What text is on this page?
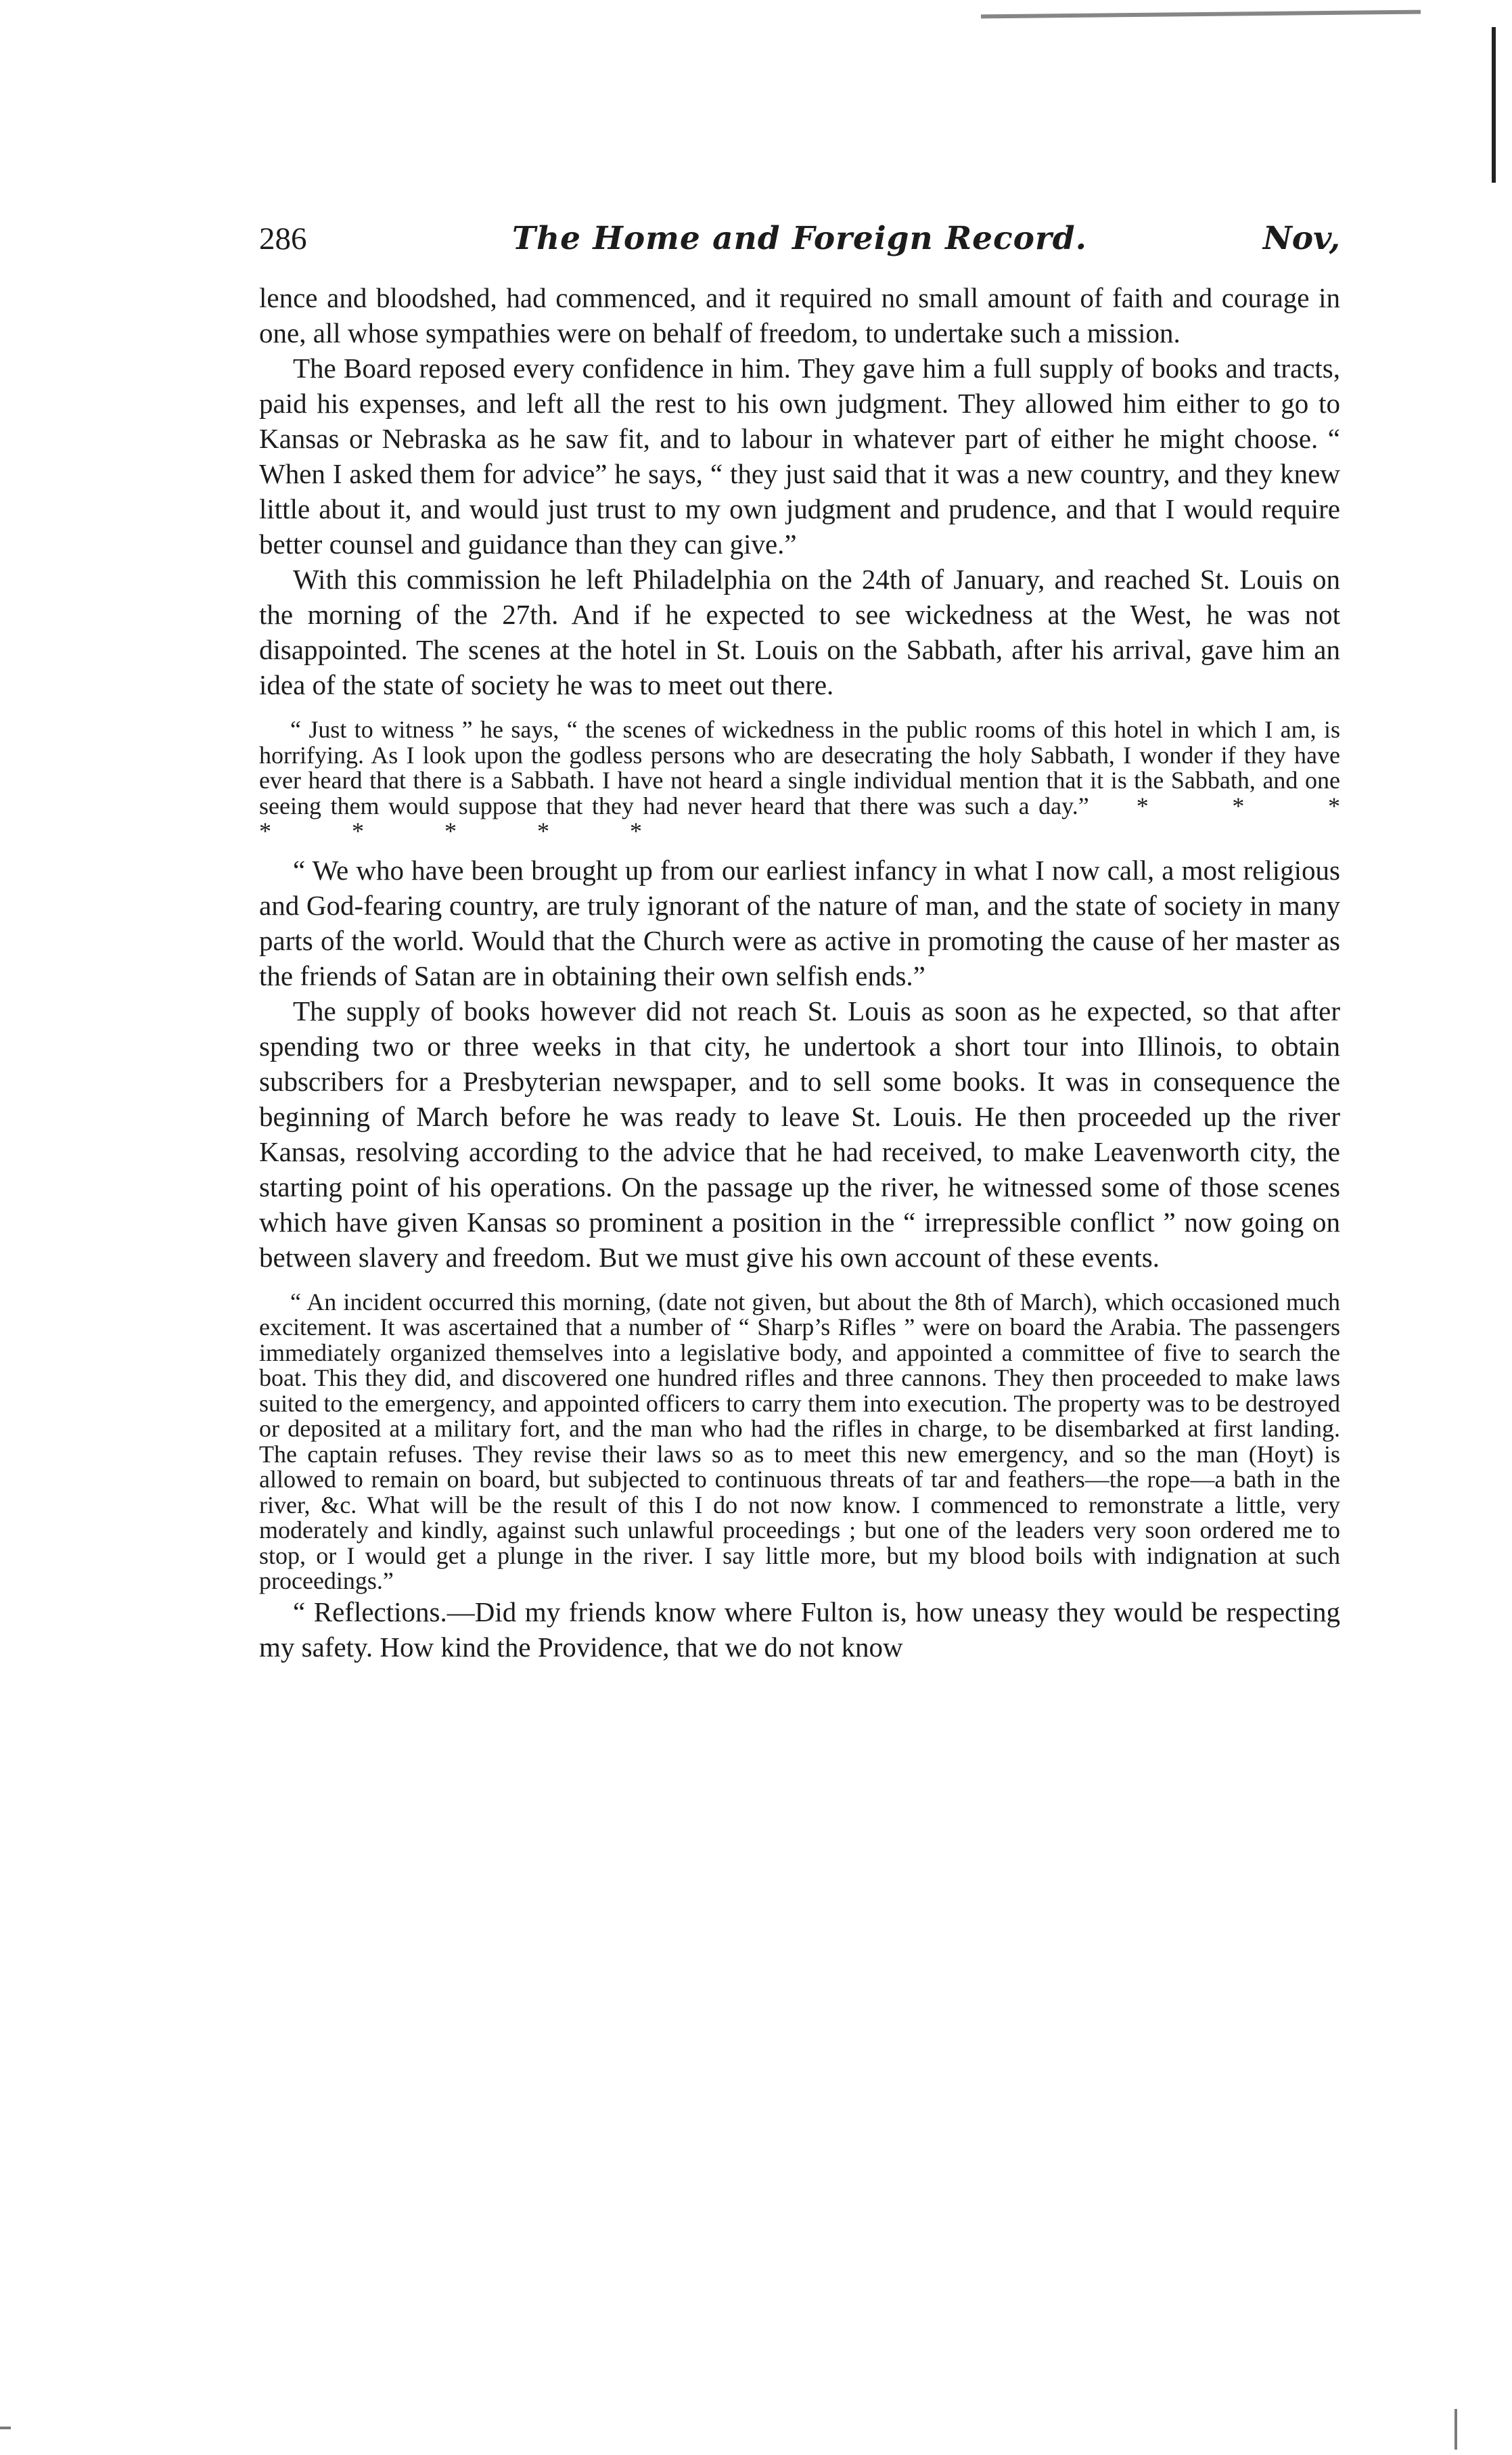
286	The Home and Foreign Record.	Nov,

lence and bloodshed, had commenced, and it required no small amount of faith and courage in one, all whose sympathies were on behalf of freedom, to undertake such a mission.

The Board reposed every confidence in him. They gave him a full supply of books and tracts, paid his expenses, and left all the rest to his own judgment. They allowed him either to go to Kansas or Nebraska as he saw fit, and to labour in whatever part of either he might choose. “ When I asked them for advice” he says, “ they just said that it was a new country, and they knew little about it, and would just trust to my own judgment and prudence, and that I would require better counsel and guidance than they can give.”

With this commission he left Philadelphia on the 24th of January, and reached St. Louis on the morning of the 27th. And if he expected to see wickedness at the West, he was not disappointed. The scenes at the hotel in St. Louis on the Sabbath, after his arrival, gave him an idea of the state of society he was to meet out there.

“ Just to witness ” he says, “ the scenes of wickedness in the public rooms of this hotel in which I am, is horrifying. As I look upon the godless persons who are desecrating the holy Sabbath, I wonder if they have ever heard that there is a Sabbath. I have not heard a single individual mention that it is the Sabbath, and one seeing them would suppose that they had never heard that there was such a day.” * * * * * * * *

“ We who have been brought up from our earliest infancy in what I now call, a most religious and God-fearing country, are truly ignorant of the nature of man, and the state of society in many parts of the world. Would that the Church were as active in promoting the cause of her master as the friends of Satan are in obtaining their own selfish ends.”

The supply of books however did not reach St. Louis as soon as he expected, so that after spending two or three weeks in that city, he undertook a short tour into Illinois, to obtain subscribers for a Presbyterian newspaper, and to sell some books. It was in consequence the beginning of March before he was ready to leave St. Louis. He then proceeded up the river Kansas, resolving according to the advice that he had received, to make Leavenworth city, the starting point of his operations. On the passage up the river, he witnessed some of those scenes which have given Kansas so prominent a position in the “ irrepressible conflict ” now going on between slavery and freedom. But we must give his own account of these events.

“ An incident occurred this morning, (date not given, but about the 8th of March), which occasioned much excitement. It was ascertained that a number of “ Sharp’s Rifles ” were on board the Arabia. The passengers immediately organized themselves into a legislative body, and appointed a committee of five to search the boat. This they did, and discovered one hundred rifles and three cannons. They then proceeded to make laws suited to the emergency, and appointed officers to carry them into execution. The property was to be destroyed or deposited at a military fort, and the man who had the rifles in charge, to be disembarked at first landing. The captain refuses. They revise their laws so as to meet this new emergency, and so the man (Hoyt) is allowed to remain on board, but subjected to continuous threats of tar and feathers—the rope—a bath in the river, &c. What will be the result of this I do not now know. I commenced to remonstrate a little, very moderately and kindly, against such unlawful proceedings ; but one of the leaders very soon ordered me to stop, or I would get a plunge in the river. I say little more, but my blood boils with indignation at such proceedings.”

“ Reflections.—Did my friends know where Fulton is, how uneasy they would be respecting my safety. How kind the Providence, that we do not know
